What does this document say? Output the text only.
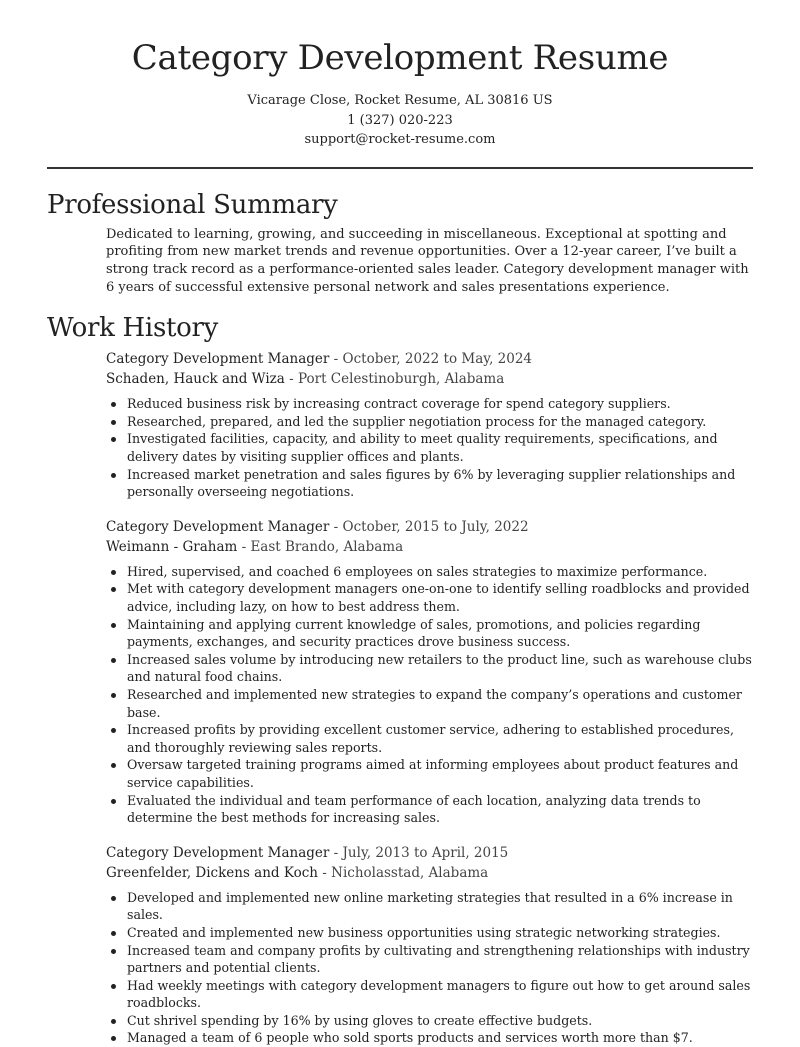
Category Development Resume
Vicarage Close, Rocket Resume, AL 30816 US
1 (327) 020-223
support@rocket-resume.com
Professional Summary

Dedicated to learning, growing, and succeeding in miscellaneous. Exceptional at spotting and profiting from new market trends and revenue opportunities. Over a 12-year career, I’ve built a strong track record as a performance-oriented sales leader. Category development manager with 6 years of successful extensive personal network and sales presentations experience.

Work History
Category Development Manager - October, 2022 to May, 2024
Schaden, Hauck and Wiza - Port Celestinoburgh, Alabama
Reduced business risk by increasing contract coverage for spend category suppliers.
Researched, prepared, and led the supplier negotiation process for the managed category.
Investigated facilities, capacity, and ability to meet quality requirements, specifications, and delivery dates by visiting supplier offices and plants.
Increased market penetration and sales figures by 6% by leveraging supplier relationships and personally overseeing negotiations.
Category Development Manager - October, 2015 to July, 2022
Weimann - Graham - East Brando, Alabama
Hired, supervised, and coached 6 employees on sales strategies to maximize performance.
Met with category development managers one-on-one to identify selling roadblocks and provided advice, including lazy, on how to best address them.
Maintaining and applying current knowledge of sales, promotions, and policies regarding payments, exchanges, and security practices drove business success.
Increased sales volume by introducing new retailers to the product line, such as warehouse clubs and natural food chains.
Researched and implemented new strategies to expand the company’s operations and customer base.
Increased profits by providing excellent customer service, adhering to established procedures, and thoroughly reviewing sales reports.
Oversaw targeted training programs aimed at informing employees about product features and service capabilities.
Evaluated the individual and team performance of each location, analyzing data trends to determine the best methods for increasing sales.
Category Development Manager - July, 2013 to April, 2015
Greenfelder, Dickens and Koch - Nicholasstad, Alabama
Developed and implemented new online marketing strategies that resulted in a 6% increase in sales.
Created and implemented new business opportunities using strategic networking strategies.
Increased team and company profits by cultivating and strengthening relationships with industry partners and potential clients.
Had weekly meetings with category development managers to figure out how to get around sales roadblocks.
Cut shrivel spending by 16% by using gloves to create effective budgets.
Managed a team of 6 people who sold sports products and services worth more than $7.
